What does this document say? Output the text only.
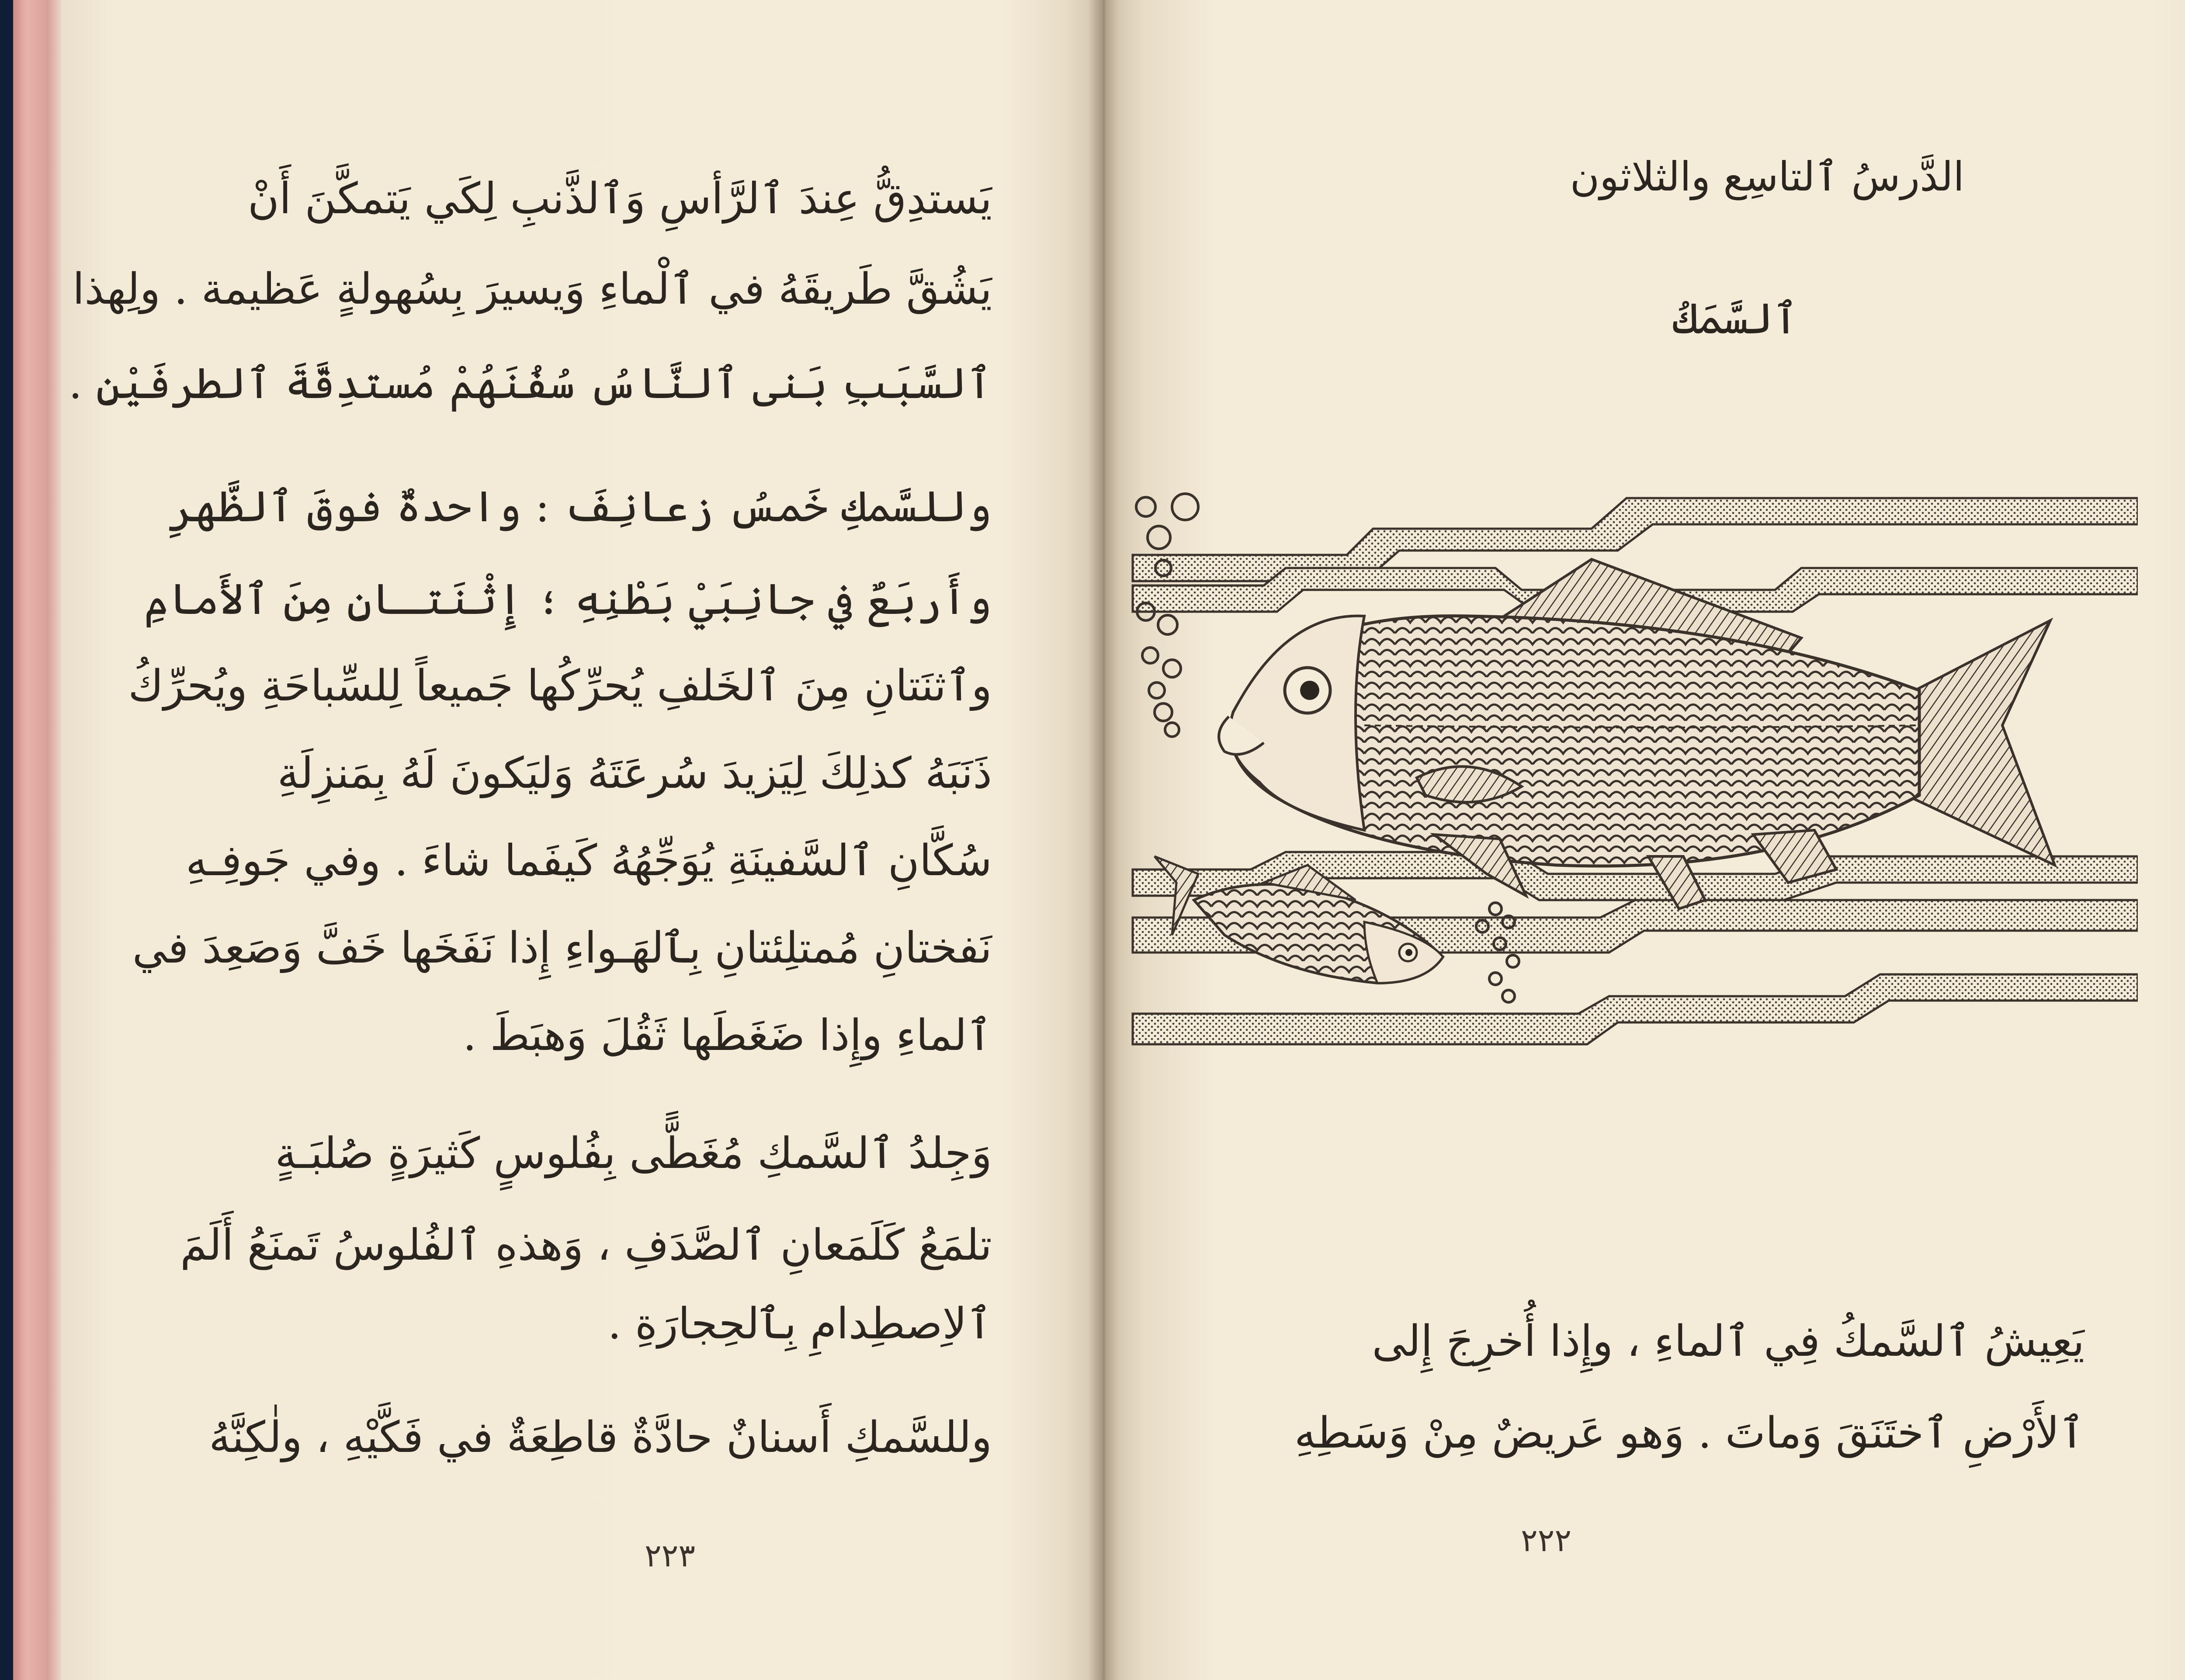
يَستدِقُّ عِندَ ٱلرَّأسِ وَٱلذَّنبِ لِكَي يَتمكَّنَ أَنْ
يَشُقَّ طَريقَهُ في ٱلْماءِ وَيسيرَ بِسُهولةٍ عَظيمة . ولِهذا
ٱلسَّبَبِ بَنى ٱلنَّاسُ سُفُنَهُمْ مُستدِقَّةَ ٱلطرفَيْنِ .
وللسَّمكِ خَمسُ زعانِفَ : واحدةٌ فوقَ ٱلظَّهرِ
وأَربَعٌ في جانِبَيْ بَطْنِهِ ؛ إِثْنَتـانِ مِنَ ٱلأَمامِ
وٱثنَتانِ مِنَ ٱلخَلفِ يُحرِّكُها جَميعاً لِلسِّباحَةِ ويُحرِّكُ
ذَنَبَهُ كذلِكَ لِيَزيدَ سُرعَتَهُ وَليَكونَ لَهُ بِمَنزِلَةِ
سُكَّانِ ٱلسَّفينَةِ يُوَجِّهُهُ كَيفَما شاءَ . وفي جَوفِـهِ
نَفختانِ مُمتلِئتانِ بِٱلهَـواءِ إِذا نَفَخَها خَفَّ وَصَعِدَ في
ٱلماءِ وإِذا ضَغَطَها ثَقُلَ وَهبَطَ .
وَجِلدُ ٱلسَّمكِ مُغَطًّى بِفُلوسٍ كَثيرَةٍ صُلبَـةٍ
تلمَعُ كَلَمَعانِ ٱلصَّدَفِ ، وَهذهِ ٱلفُلوسُ تَمنَعُ أَلَمَ
ٱلاِصطِدامِ بِٱلحِجارَةِ .
وللسَّمكِ أَسنانٌ حادَّةٌ قاطِعَةٌ في فَكَّيْهِ ، ولٰكِنَّهُ
٢٢٣
الدَّرسُ ٱلتاسِع والثلاثون
ٱلسَّمَكُ
يَعِيشُ ٱلسَّمكُ فِي ٱلماءِ ، وإِذا أُخرِجَ إِلى
ٱلأَرْضِ ٱختَنَقَ وَماتَ . وَهو عَريضٌ مِنْ وَسَطِهِ
٢٢٢
